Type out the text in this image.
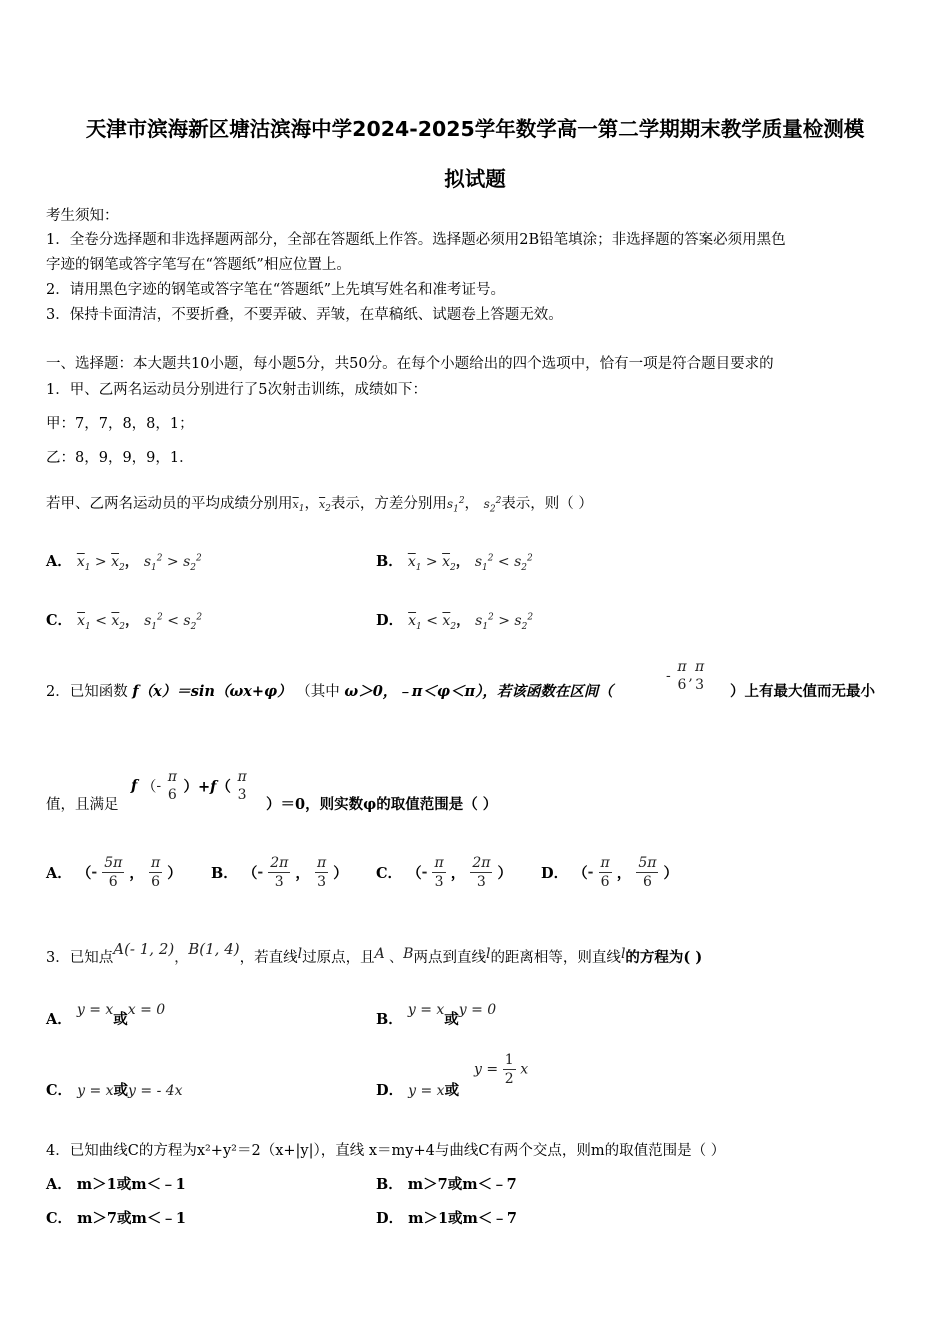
天津市滨海新区塘沽滨海中学2024-2025学年数学高一第二学期期末教学质量检测模
拟试题
考生须知：
1．全卷分选择题和非选择题两部分，全部在答题纸上作答。选择题必须用2B铅笔填涂；非选择题的答案必须用黑色
字迹的钢笔或答字笔写在“答题纸”相应位置上。
2．请用黑色字迹的钢笔或答字笔在“答题纸”上先填写姓名和准考证号。
3．保持卡面清洁，不要折叠，不要弄破、弄皱，在草稿纸、试题卷上答题无效。
一、选择题：本大题共10小题，每小题5分，共50分。在每个小题给出的四个选项中，恰有一项是符合题目要求的
1．甲、乙两名运动员分别进行了5次射击训练，成绩如下：
甲：7，7，8，8，1；
乙：8，9，9，9，1．
若甲、乙两名运动员的平均成绩分别用$\overline{x}_1$，$\overline{x}_2$表示，方差分别用$s_1^2$， $s_2^2$表示，则（ ）
A． $\overline{x}_1 > \overline{x}_2$， $s_1^2 > s_2^2$	B． $\overline{x}_1 > \overline{x}_2$， $s_1^2 < s_2^2$
C． $\overline{x}_1 < \overline{x}_2$， $s_1^2 < s_2^2$	D． $\overline{x}_1 < \overline{x}_2$， $s_1^2 > s_2^2$
2．已知函数 f（x）＝sin（ωx+φ） （其中 ω＞0，﹣π＜φ＜π），若该函数在区间（
-
π
6
,
π
3 ）上有最大值而无最小
值，且满足
f （-
π
6 ）+f（
π
3
）＝0，则实数φ的取值范围是（ ）
A． （- $\frac{5\pi}{6}$ ， $\frac{\pi}{6}$ ） B． （- $\frac{2\pi}{3}$ ， $\frac{\pi}{3}$ ） C． （- $\frac{\pi}{3}$ ， $\frac{2\pi}{3}$ ） D． （- $\frac{\pi}{6}$ ， $\frac{5\pi}{6}$ ）
3．已知点A(- 1, 2)，B(1, 4)，若直线l过原点，且A 、B两点到直线l的距离相等，则直线l的方程为( )
A． y = x或x = 0
B． y = x或y = 0
C． y = x或y = - 4x	D． y = x或
$y = \frac{1}{2}$ x
4．已知曲线C的方程为x²+y²＝2（x+|y|），直线 x＝my+4与曲线C有两个交点，则m的取值范围是（ ）
A． m＞1或m＜﹣1	B． m＞7或m＜﹣7
C． m＞7或m＜﹣1	D． m＞1或m＜﹣7
